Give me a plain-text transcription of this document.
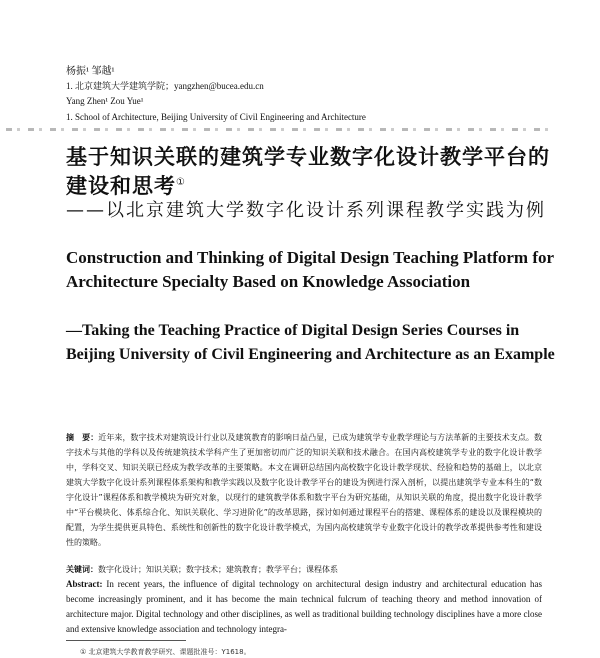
杨振¹ 邹越¹
1. 北京建筑大学建筑学院；yangzhen@bucea.edu.cn
Yang Zhen¹ Zou Yue¹
1. School of Architecture, Beijing University of Civil Engineering and Architecture
基于知识关联的建筑学专业数字化设计教学平台的建设和思考①
——以北京建筑大学数字化设计系列课程教学实践为例
Construction and Thinking of Digital Design Teaching Platform for Architecture Specialty Based on Knowledge Association
—Taking the Teaching Practice of Digital Design Series Courses in Beijing University of Civil Engineering and Architecture as an Example
摘　要：近年来，数字技术对建筑设计行业以及建筑教育的影响日益凸显，已成为建筑学专业教学理论与方法革新的主要技术支点。数字技术与其他的学科以及传统建筑技术学科产生了更加密切而广泛的知识关联和技术融合。在国内高校建筑学专业的数字化设计教学中，学科交叉、知识关联已经成为教学改革的主要策略。本文在调研总结国内高校数字化设计教学现状、经验和趋势的基础上，以北京建筑大学数字化设计系列课程体系架构和教学实践以及数字化设计教学平台的建设为例进行深入剖析，以提出建筑学专业本科生的“数字化设计”课程体系和教学模块为研究对象，以现行的建筑教学体系和数字平台为研究基础，从知识关联的角度，提出数字化设计教学中“平台模块化、体系综合化、知识关联化、学习进阶化”的改革思路，探讨如何通过课程平台的搭建、课程体系的建设以及课程模块的配置，为学生提供更具特色、系统性和创新性的数字化设计教学模式，为国内高校建筑学专业数字化设计的教学改革提供参考性和建设性的策略。
关键词：数字化设计；知识关联；数字技术；建筑教育；教学平台；课程体系
Abstract: In recent years, the influence of digital technology on architectural design industry and architectural education has become increasingly prominent, and it has become the main technical fulcrum of teaching theory and method innovation of architecture major. Digital technology and other disciplines, as well as traditional building technology disciplines have a more close and extensive knowledge association and technology integra-
① 北京建筑大学教育教学研究、课题批准号：Y1618。
